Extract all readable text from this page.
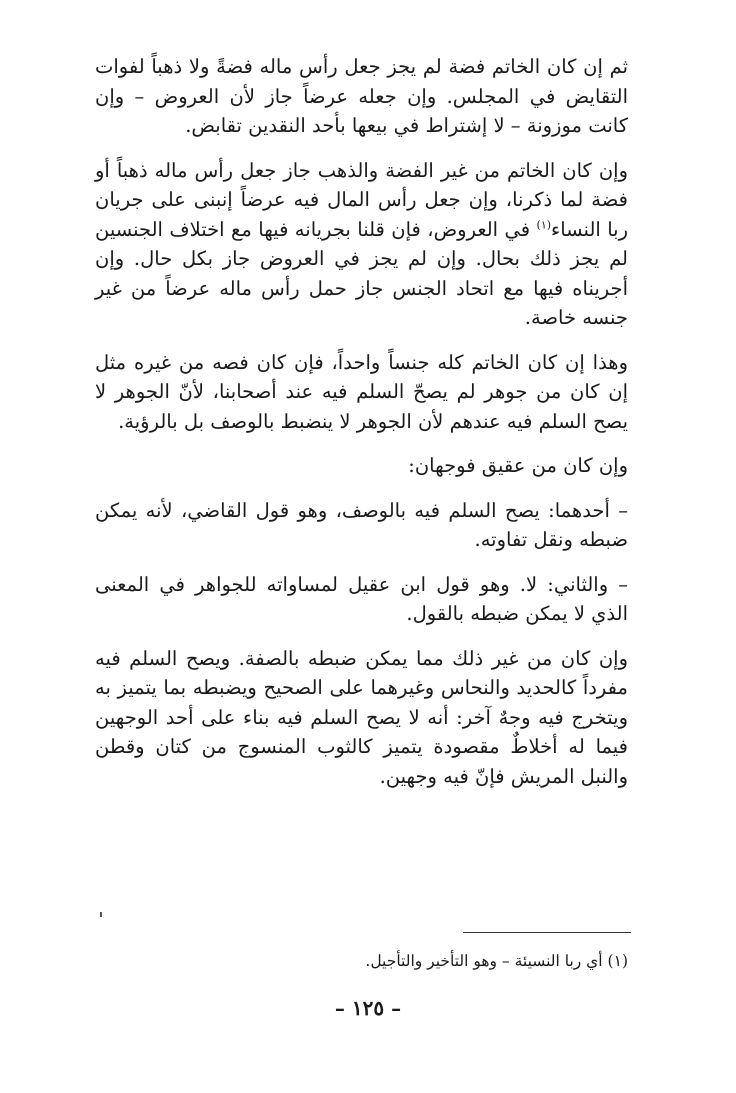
ثم إن كان الخاتم فضة لم يجز جعل رأس ماله فضةً ولا ذهباً لفوات التقايض في المجلس. وإن جعله عرضاً جاز لأن العروض – وإن كانت موزونة – لا إشتراط في بيعها بأحد النقدين تقابض.

وإن كان الخاتم من غير الفضة والذهب جاز جعل رأس ماله ذهباً أو فضة لما ذكرنا، وإن جعل رأس المال فيه عرضاً إنبنى على جريان ربا النساء$^{(١)}$ في العروض، فإن قلنا بجريانه فيها مع اختلاف الجنسين لم يجز ذلك بحال. وإن لم يجز في العروض جاز بكل حال. وإن أجريناه فيها مع اتحاد الجنس جاز حمل رأس ماله عرضاً من غير جنسه خاصة.

وهذا إن كان الخاتم كله جنساً واحداً، فإن كان فصه من غيره مثل إن كان من جوهر لم يصحّ السلم فيه عند أصحابنا، لأنّ الجوهر لا يصح السلم فيه عندهم لأن الجوهر لا ينضبط بالوصف بل بالرؤية.

وإن كان من عقيق فوجهان:

– أحدهما: يصح السلم فيه بالوصف، وهو قول القاضي، لأنه يمكن ضبطه ونقل تفاوته.

– والثاني: لا. وهو قول ابن عقيل لمساواته للجواهر في المعنى الذي لا يمكن ضبطه بالقول.

وإن كان من غير ذلك مما يمكن ضبطه بالصفة. ويصح السلم فيه مفرداً كالحديد والنحاس وغيرهما على الصحيح ويضبطه بما يتميز به ويتخرج فيه وجهٌ آخر: أنه لا يصح السلم فيه بناء على أحد الوجهين فيما له أخلاطٌ مقصودة يتميز كالثوب المنسوج من كتان وقطن والنبل المريش فإنّ فيه وجهين.

(١) أي ربا النسيئة – وهو التأخير والتأجيل.
– ١٢٥ –
